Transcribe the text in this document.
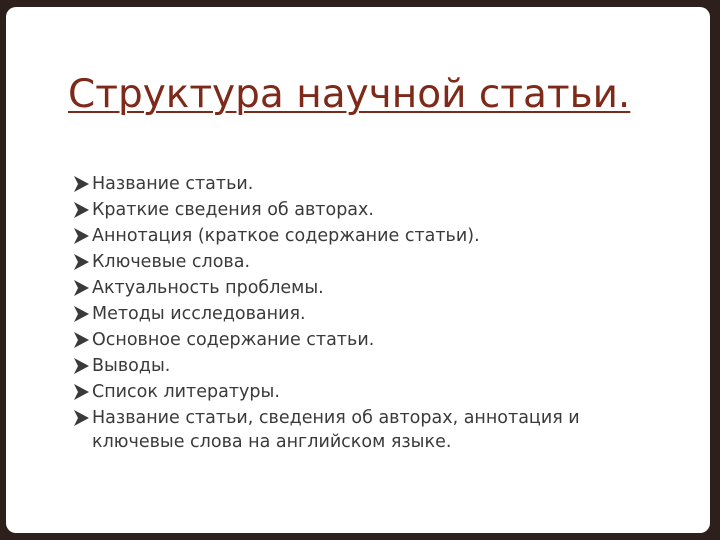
Структура научной статьи.
Название статьи.
Краткие сведения об авторах.
Аннотация (краткое содержание статьи).
Ключевые слова.
Актуальность проблемы.
Методы исследования.
Основное содержание статьи.
Выводы.
Список литературы.
Название статьи, сведения об авторах, аннотация и ключевые слова на английском языке.
